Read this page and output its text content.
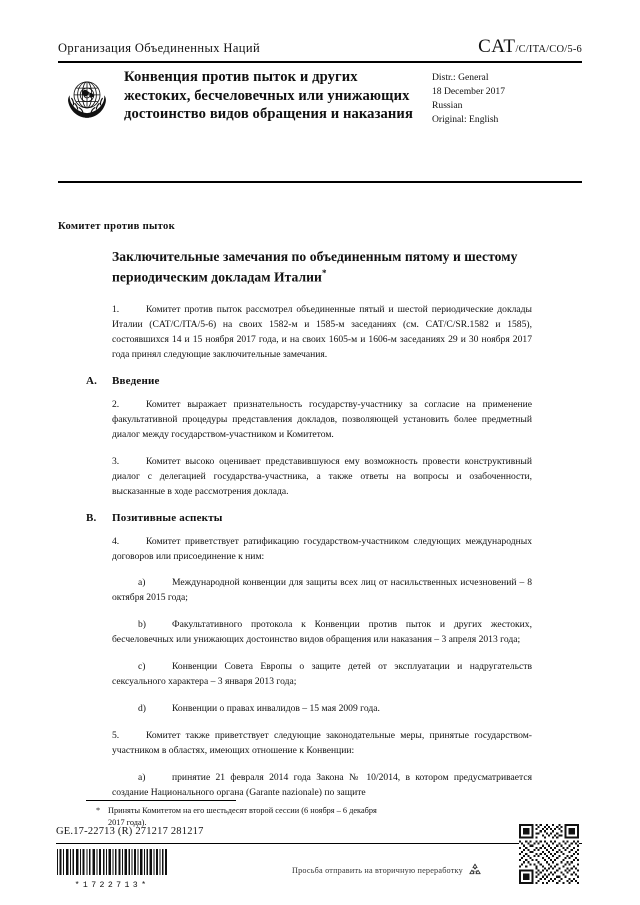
Организация Объединенных Наций	CAT/C/ITA/CO/5-6
Конвенция против пыток и других жестоких, бесчеловечных или унижающих достоинство видов обращения и наказания
Distr.: General
18 December 2017
Russian
Original: English
Комитет против пыток
Заключительные замечания по объединенным пятому и шестому периодическим докладам Италии*

1.	Комитет против пыток рассмотрел объединенные пятый и шестой периодические доклады Италии (CAT/C/ITA/5-6) на своих 1582-м и 1585-м заседаниях (см. CAT/C/SR.1582 и 1585), состоявшихся 14 и 15 ноября 2017 года, и на своих 1605-м и 1606-м заседаниях 29 и 30 ноября 2017 года принял следующие заключительные замечания.

A. Введение

2.	Комитет выражает признательность государству-участнику за согласие на применение факультативной процедуры представления докладов, позволяющей установить более предметный диалог между государством-участником и Комитетом.

3.	Комитет высоко оценивает представившуюся ему возможность провести конструктивный диалог с делегацией государства-участника, а также ответы на вопросы и озабоченности, высказанные в ходе рассмотрения доклада.

B. Позитивные аспекты

4.	Комитет приветствует ратификацию государством-участником следующих международных договоров или присоединение к ним:

a)	Международной конвенции для защиты всех лиц от насильственных исчезновений – 8 октября 2015 года;

b)	Факультативного протокола к Конвенции против пыток и других жестоких, бесчеловечных или унижающих достоинство видов обращения или наказания – 3 апреля 2013 года;

c)	Конвенции Совета Европы о защите детей от эксплуатации и надругательств сексуального характера – 3 января 2013 года;

d)	Конвенции о правах инвалидов – 15 мая 2009 года.

5.	Комитет также приветствует следующие законодательные меры, принятые государством-участником в областях, имеющих отношение к Конвенции:

a)	принятие 21 февраля 2014 года Закона № 10/2014, в котором предусматривается создание Национального органа (Garante nazionale) по защите

* Приняты Комитетом на его шестьдесят второй сессии (6 ноября – 6 декабря
2017 года).
GE.17-22713 (R) 271217 281217
*1722713*
Просьба отправить на вторичную переработку
